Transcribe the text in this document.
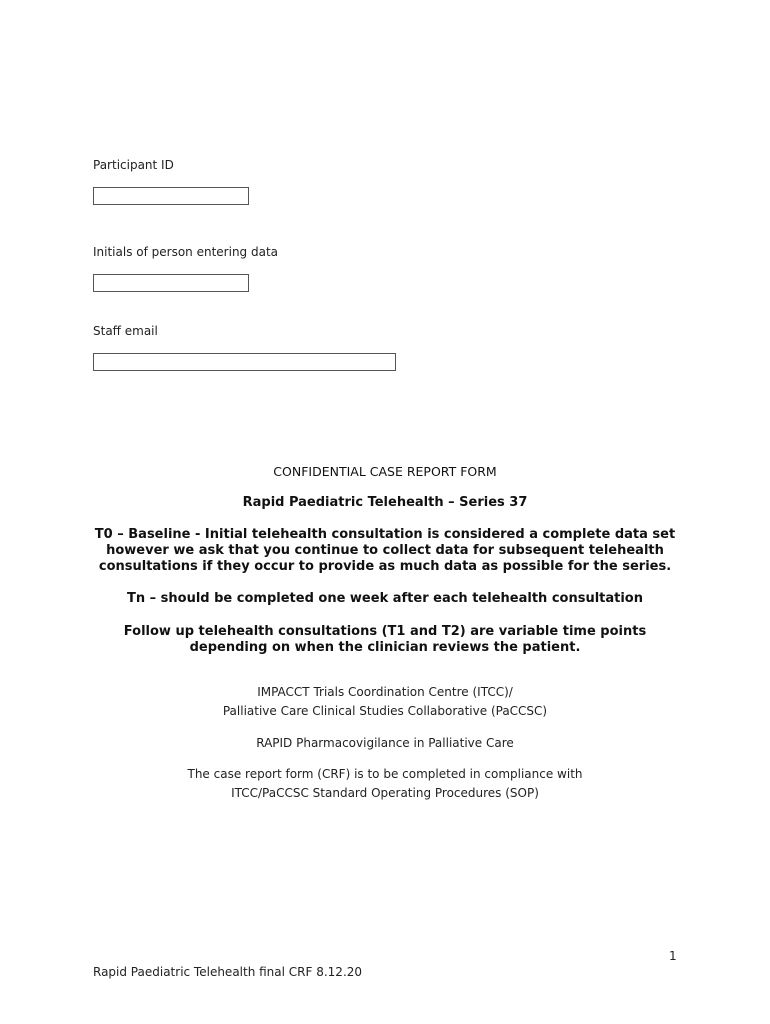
Participant ID
Initials of person entering data
Staff email
CONFIDENTIAL CASE REPORT FORM
Rapid Paediatric Telehealth – Series 37
T0 – Baseline - Initial telehealth consultation is considered a complete data set
however we ask that you continue to collect data for subsequent telehealth
consultations if they occur to provide as much data as possible for the series.
Tn – should be completed one week after each telehealth consultation
Follow up telehealth consultations (T1 and T2) are variable time points
depending on when the clinician reviews the patient.
IMPACCT Trials Coordination Centre (ITCC)/
Palliative Care Clinical Studies Collaborative (PaCCSC)
RAPID Pharmacovigilance in Palliative Care
The case report form (CRF) is to be completed in compliance with
ITCC/PaCCSC Standard Operating Procedures (SOP)
1
Rapid Paediatric Telehealth final CRF 8.12.20
